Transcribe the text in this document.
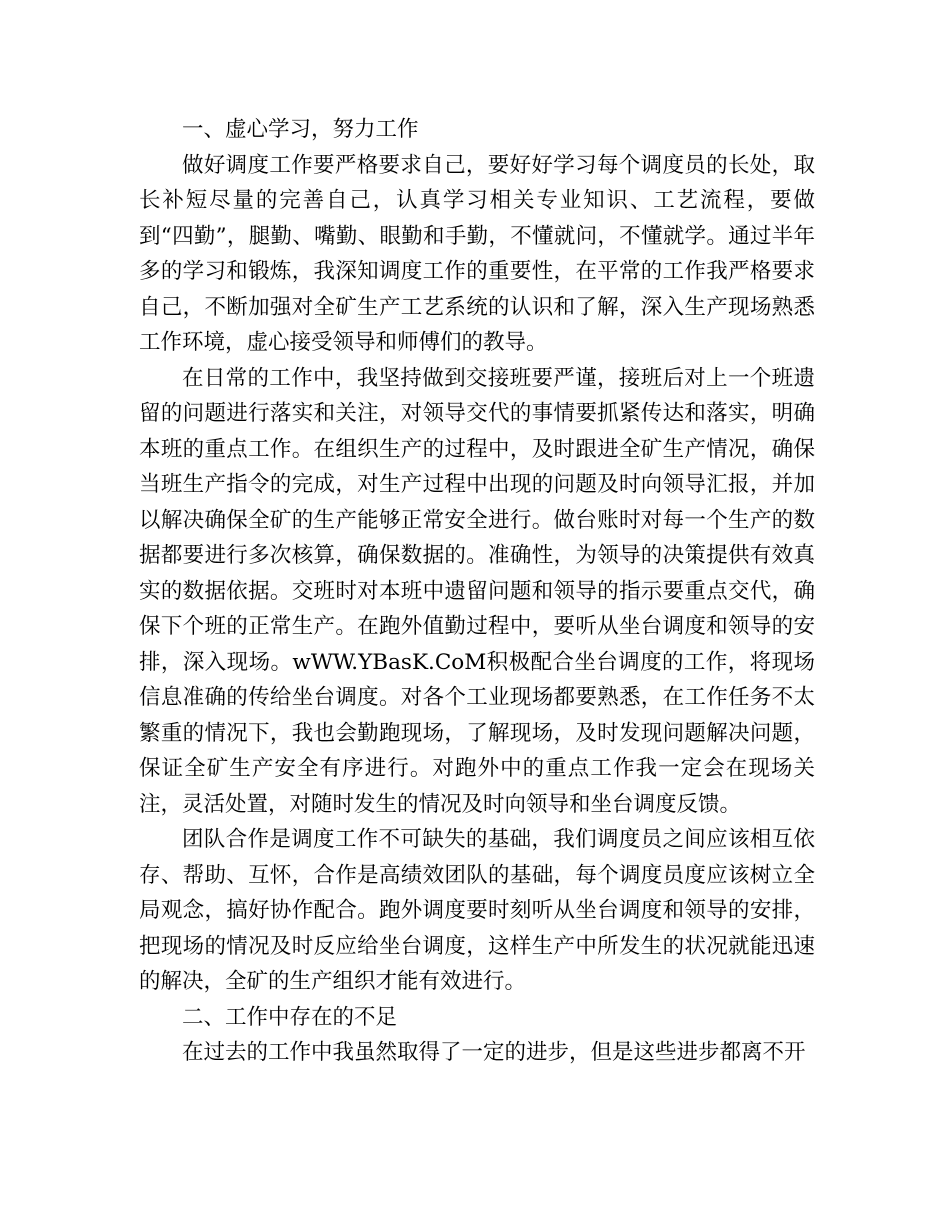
一、虚心学习，努力工作

做好调度工作要严格要求自己，要好好学习每个调度员的长处，取长补短尽量的完善自己，认真学习相关专业知识、工艺流程，要做到“四勤”，腿勤、嘴勤、眼勤和手勤，不懂就问，不懂就学。通过半年多的学习和锻炼，我深知调度工作的重要性，在平常的工作我严格要求自己，不断加强对全矿生产工艺系统的认识和了解，深入生产现场熟悉工作环境，虚心接受领导和师傅们的教导。

在日常的工作中，我坚持做到交接班要严谨，接班后对上一个班遗留的问题进行落实和关注，对领导交代的事情要抓紧传达和落实，明确本班的重点工作。在组织生产的过程中，及时跟进全矿生产情况，确保当班生产指令的完成，对生产过程中出现的问题及时向领导汇报，并加以解决确保全矿的生产能够正常安全进行。做台账时对每一个生产的数据都要进行多次核算，确保数据的。准确性，为领导的决策提供有效真实的数据依据。交班时对本班中遗留问题和领导的指示要重点交代，确保下个班的正常生产。在跑外值勤过程中，要听从坐台调度和领导的安排，深入现场。wWW.YBasK.CoM积极配合坐台调度的工作，将现场信息准确的传给坐台调度。对各个工业现场都要熟悉，在工作任务不太繁重的情况下，我也会勤跑现场，了解现场，及时发现问题解决问题，保证全矿生产安全有序进行。对跑外中的重点工作我一定会在现场关注，灵活处置，对随时发生的情况及时向领导和坐台调度反馈。

团队合作是调度工作不可缺失的基础，我们调度员之间应该相互依存、帮助、互怀，合作是高绩效团队的基础，每个调度员度应该树立全局观念，搞好协作配合。跑外调度要时刻听从坐台调度和领导的安排，把现场的情况及时反应给坐台调度，这样生产中所发生的状况就能迅速的解决，全矿的生产组织才能有效进行。

二、工作中存在的不足

在过去的工作中我虽然取得了一定的进步，但是这些进步都离不开
